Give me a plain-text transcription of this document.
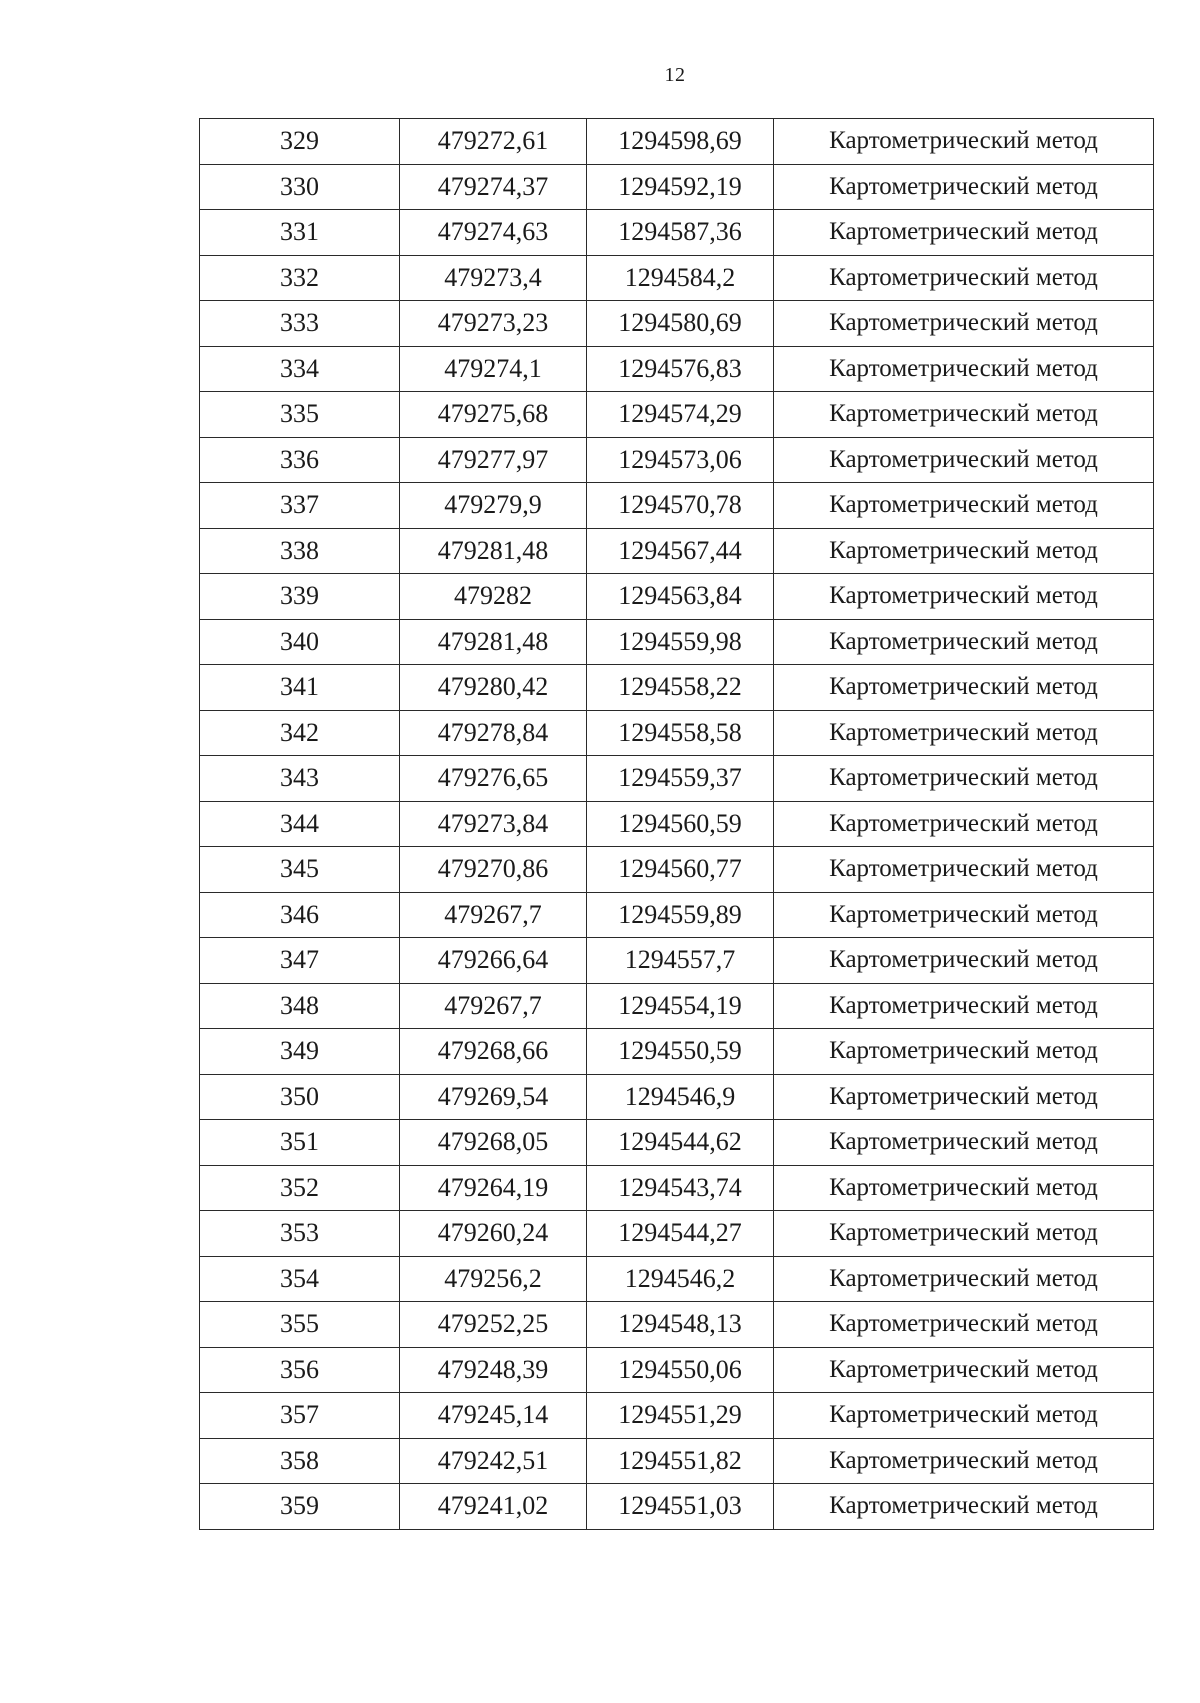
12
329	479272,61	1294598,69	Картометрический метод
330	479274,37	1294592,19	Картометрический метод
331	479274,63	1294587,36	Картометрический метод
332	479273,4	1294584,2	Картометрический метод
333	479273,23	1294580,69	Картометрический метод
334	479274,1	1294576,83	Картометрический метод
335	479275,68	1294574,29	Картометрический метод
336	479277,97	1294573,06	Картометрический метод
337	479279,9	1294570,78	Картометрический метод
338	479281,48	1294567,44	Картометрический метод
339	479282	1294563,84	Картометрический метод
340	479281,48	1294559,98	Картометрический метод
341	479280,42	1294558,22	Картометрический метод
342	479278,84	1294558,58	Картометрический метод
343	479276,65	1294559,37	Картометрический метод
344	479273,84	1294560,59	Картометрический метод
345	479270,86	1294560,77	Картометрический метод
346	479267,7	1294559,89	Картометрический метод
347	479266,64	1294557,7	Картометрический метод
348	479267,7	1294554,19	Картометрический метод
349	479268,66	1294550,59	Картометрический метод
350	479269,54	1294546,9	Картометрический метод
351	479268,05	1294544,62	Картометрический метод
352	479264,19	1294543,74	Картометрический метод
353	479260,24	1294544,27	Картометрический метод
354	479256,2	1294546,2	Картометрический метод
355	479252,25	1294548,13	Картометрический метод
356	479248,39	1294550,06	Картометрический метод
357	479245,14	1294551,29	Картометрический метод
358	479242,51	1294551,82	Картометрический метод
359	479241,02	1294551,03	Картометрический метод
